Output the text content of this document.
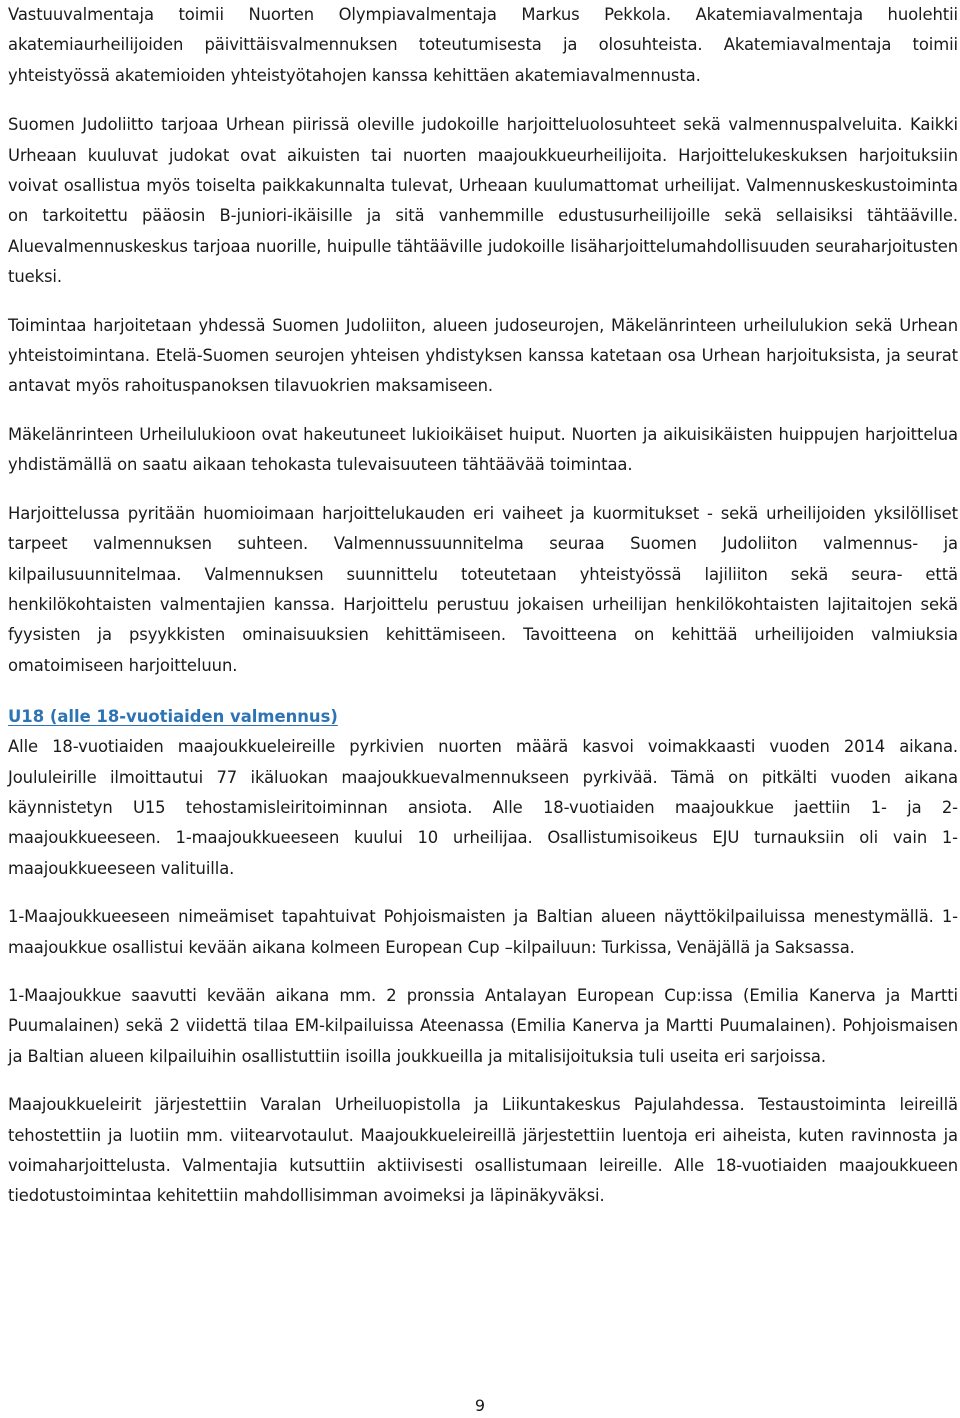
Vastuuvalmentaja toimii Nuorten Olympiavalmentaja Markus Pekkola. Akatemiavalmentaja huolehtii akatemiaurheilijoiden päivittäisvalmennuksen toteutumisesta ja olosuhteista. Akatemiavalmentaja toimii yhteistyössä akatemioiden yhteistyötahojen kanssa kehittäen akatemiavalmennusta.

Suomen Judoliitto tarjoaa Urhean piirissä oleville judokoille harjoitteluolosuhteet sekä valmennuspalveluita. Kaikki Urheaan kuuluvat judokat ovat aikuisten tai nuorten maajoukkueurheilijoita. Harjoittelukeskuksen harjoituksiin voivat osallistua myös toiselta paikkakunnalta tulevat, Urheaan kuulumattomat urheilijat. Valmennuskeskustoiminta on tarkoitettu pääosin B-juniori-ikäisille ja sitä vanhemmille edustusurheilijoille sekä sellaisiksi tähtääville. Aluevalmennuskeskus tarjoaa nuorille, huipulle tähtääville judokoille lisäharjoittelumahdollisuuden seuraharjoitusten tueksi.

Toimintaa harjoitetaan yhdessä Suomen Judoliiton, alueen judoseurojen, Mäkelänrinteen urheilulukion sekä Urhean yhteistoimintana. Etelä-Suomen seurojen yhteisen yhdistyksen kanssa katetaan osa Urhean harjoituksista, ja seurat antavat myös rahoituspanoksen tilavuokrien maksamiseen.

Mäkelänrinteen Urheilulukioon ovat hakeutuneet lukioikäiset huiput. Nuorten ja aikuisikäisten huippujen harjoittelua yhdistämällä on saatu aikaan tehokasta tulevaisuuteen tähtäävää toimintaa.

Harjoittelussa pyritään huomioimaan harjoittelukauden eri vaiheet ja kuormitukset - sekä urheilijoiden yksilölliset tarpeet valmennuksen suhteen. Valmennussuunnitelma seuraa Suomen Judoliiton valmennus- ja kilpailusuunnitelmaa. Valmennuksen suunnittelu toteutetaan yhteistyössä lajiliiton sekä seura- että henkilökohtaisten valmentajien kanssa. Harjoittelu perustuu jokaisen urheilijan henkilökohtaisten lajitaitojen sekä fyysisten ja psyykkisten ominaisuuksien kehittämiseen. Tavoitteena on kehittää urheilijoiden valmiuksia omatoimiseen harjoitteluun.

U18 (alle 18-vuotiaiden valmennus)

Alle 18-vuotiaiden maajoukkueleireille pyrkivien nuorten määrä kasvoi voimakkaasti vuoden 2014 aikana. Joululeirille ilmoittautui 77 ikäluokan maajoukkuevalmennukseen pyrkivää. Tämä on pitkälti vuoden aikana käynnistetyn U15 tehostamisleiritoiminnan ansiota. Alle 18-vuotiaiden maajoukkue jaettiin 1- ja 2-maajoukkueeseen. 1-maajoukkueeseen kuului 10 urheilijaa. Osallistumisoikeus EJU turnauksiin oli vain 1-maajoukkueeseen valituilla.

1-Maajoukkueeseen nimeämiset tapahtuivat Pohjoismaisten ja Baltian alueen näyttökilpailuissa menestymällä. 1-maajoukkue osallistui kevään aikana kolmeen European Cup –kilpailuun: Turkissa, Venäjällä ja Saksassa.

1-Maajoukkue saavutti kevään aikana mm. 2 pronssia Antalayan European Cup:issa (Emilia Kanerva ja Martti Puumalainen) sekä 2 viidettä tilaa EM-kilpailuissa Ateenassa (Emilia Kanerva ja Martti Puumalainen). Pohjoismaisen ja Baltian alueen kilpailuihin osallistuttiin isoilla joukkueilla ja mitalisijoituksia tuli useita eri sarjoissa.

Maajoukkueleirit järjestettiin Varalan Urheiluopistolla ja Liikuntakeskus Pajulahdessa. Testaustoiminta leireillä tehostettiin ja luotiin mm. viitearvotaulut. Maajoukkueleireillä järjestettiin luentoja eri aiheista, kuten ravinnosta ja voimaharjoittelusta. Valmentajia kutsuttiin aktiivisesti osallistumaan leireille. Alle 18-vuotiaiden maajoukkueen tiedotustoimintaa kehitettiin mahdollisimman avoimeksi ja läpinäkyväksi.

9
